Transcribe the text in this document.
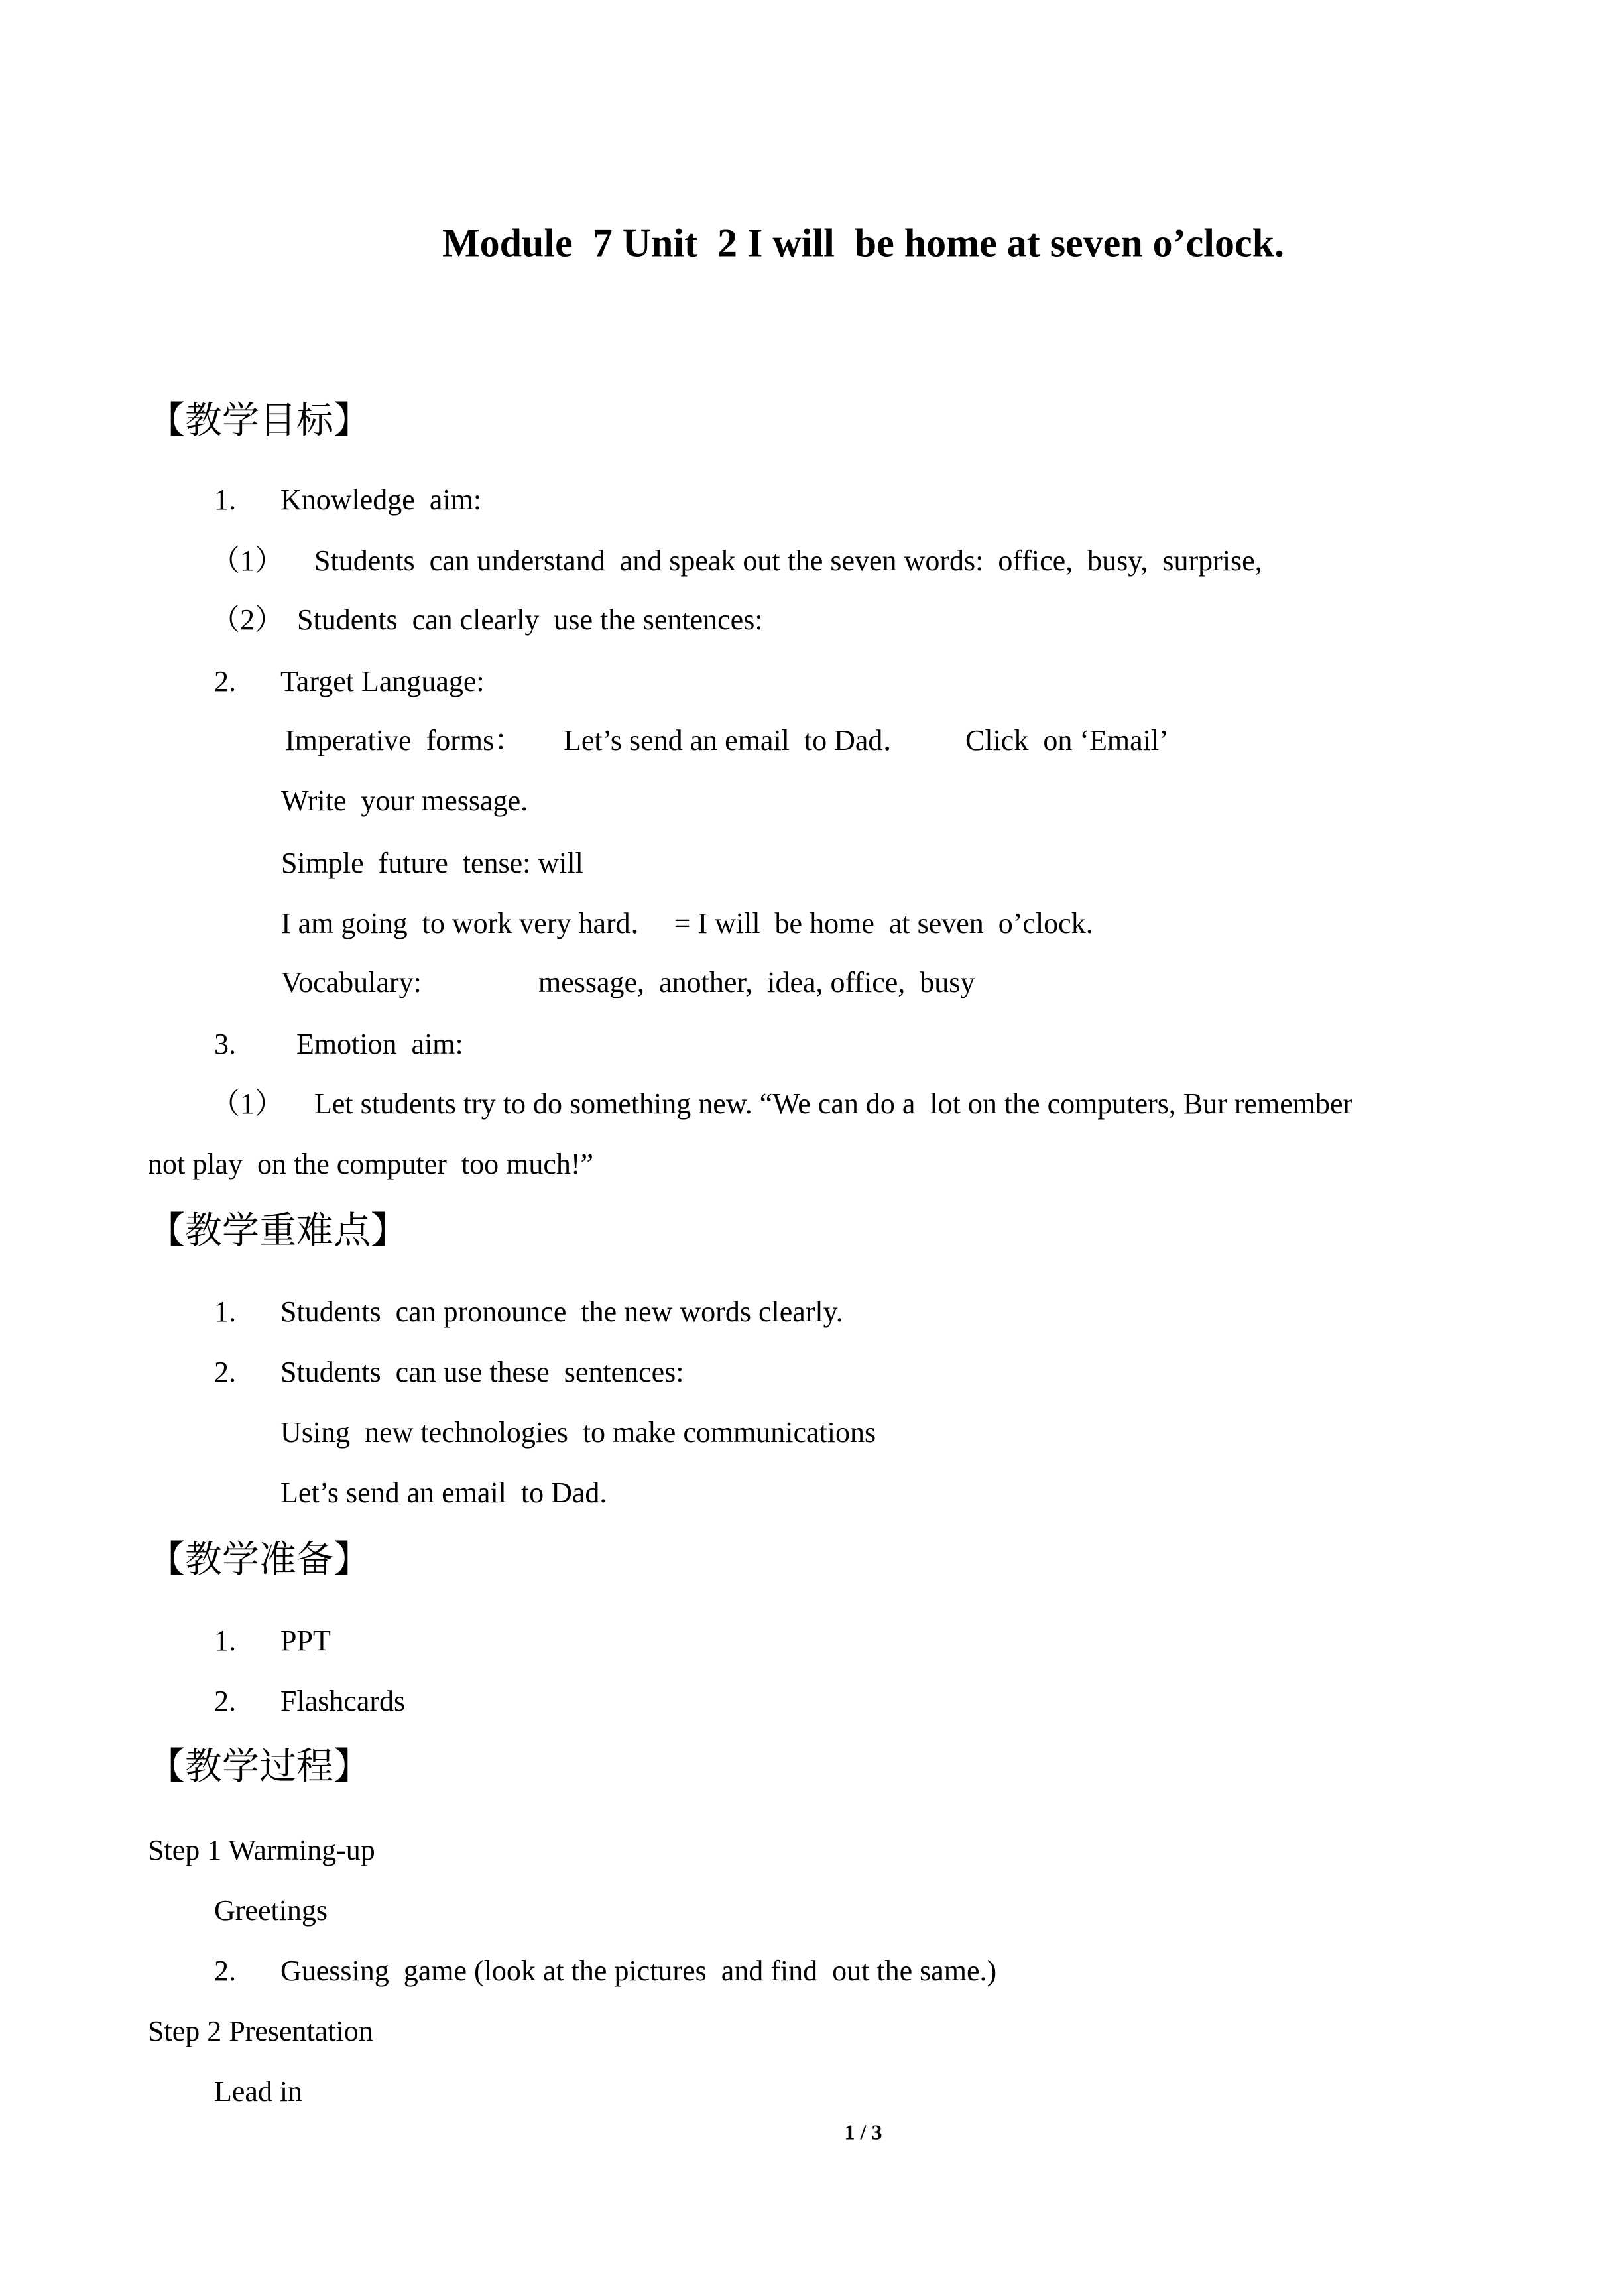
Module  7 Unit  2 I will  be home at seven o’clock.
【教学目标】
1. Knowledge  aim:
（1） Students  can understand  and speak out the seven words:  office,  busy,  surprise,
（2） Students  can clearly  use the sentences:
2. Target Language:
Imperative  forms： Let’s send an email  to Dad． Click  on ‘Email’
Write  your message.
Simple  future  tense: will
I am going  to work very hard．  = I will  be home  at seven  o’clock.
Vocabulary:	message,  another,  idea, office,  busy
3. Emotion  aim:
（1） Let students try to do something new. “We can do a  lot on the computers, Bur remember
not play  on the computer  too much!”
【教学重难点】
1. Students  can pronounce  the new words clearly.
2. Students  can use these  sentences:
Using  new technologies  to make communications
Let’s send an email  to Dad.
【教学准备】
1. PPT
2. Flashcards
【教学过程】
Step 1 Warming-up
Greetings
2. Guessing  game (look at the pictures  and find  out the same.)
Step 2 Presentation
Lead in
1 / 3
